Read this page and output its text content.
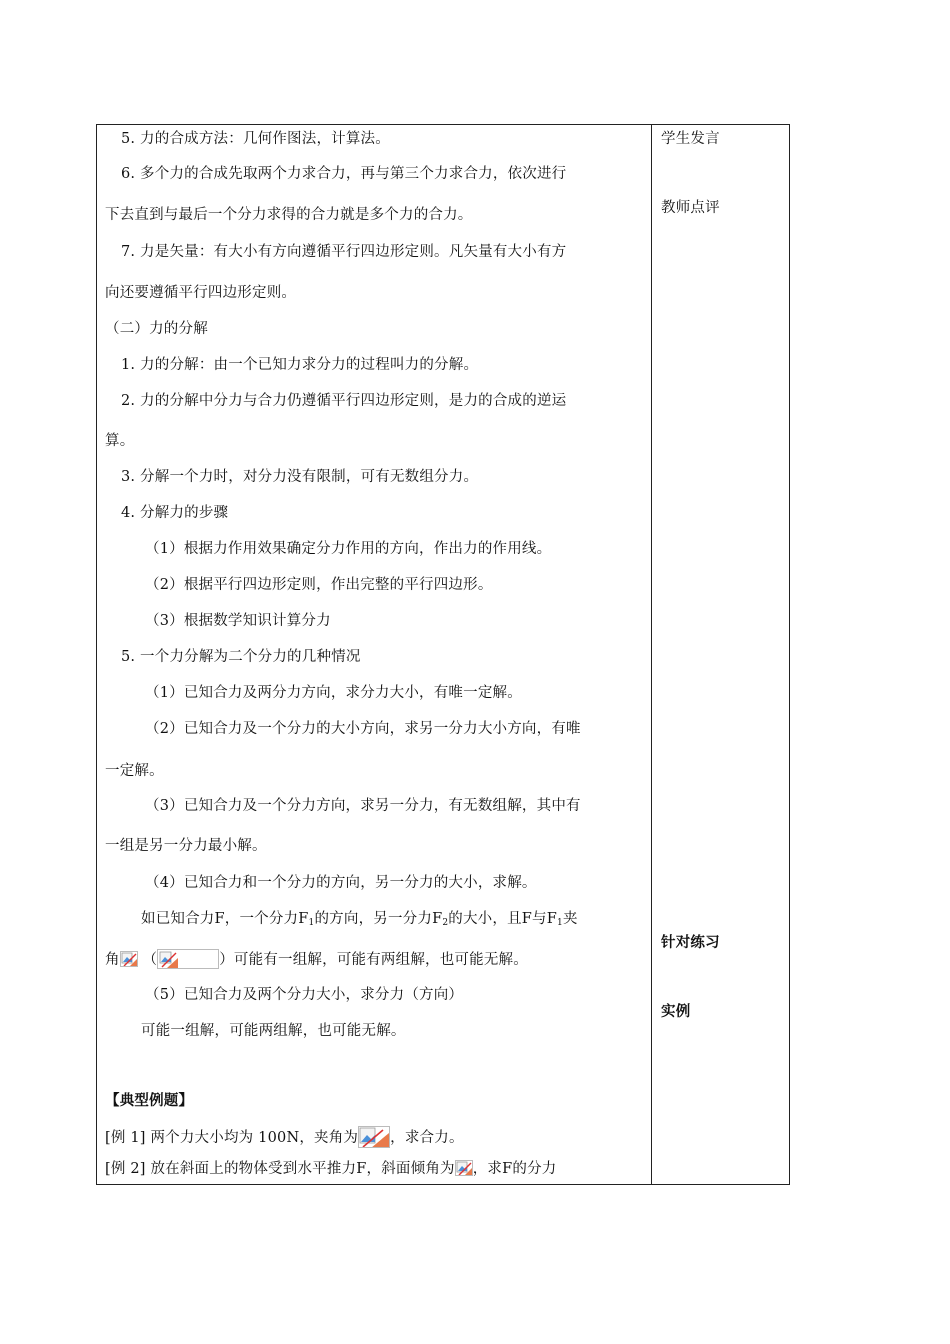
5. 力的合成方法：几何作图法，计算法。
6. 多个力的合成先取两个力求合力，再与第三个力求合力，依次进行
下去直到与最后一个分力求得的合力就是多个力的合力。
7. 力是矢量：有大小有方向遵循平行四边形定则。凡矢量有大小有方
向还要遵循平行四边形定则。
（二）力的分解
1. 力的分解：由一个已知力求分力的过程叫力的分解。
2. 力的分解中分力与合力仍遵循平行四边形定则，是力的合成的逆运
算。
3. 分解一个力时，对分力没有限制，可有无数组分力。
4. 分解力的步骤
（1）根据力作用效果确定分力作用的方向，作出力的作用线。
（2）根据平行四边形定则，作出完整的平行四边形。
（3）根据数学知识计算分力
5. 一个力分解为二个分力的几种情况
（1）已知合力及两分力方向，求分力大小，有唯一定解。
（2）已知合力及一个分力的大小方向，求另一分力大小方向，有唯
一定解。
（3）已知合力及一个分力方向，求另一分力，有无数组解，其中有
一组是另一分力最小解。
（4）已知合力和一个分力的方向，另一分力的大小，求解。
如已知合力F，一个分力$F_1$的方向，另一分力$F_2$的大小，且F与$F_1$夹
角 （	）可能有一组解，可能有两组解，也可能无解。
（5）已知合力及两个分力大小，求分力（方向）
可能一组解，可能两组解，也可能无解。
【典型例题】
[例 1] 两个力大小均为 100N，夹角为 ，求合力。
[例 2] 放在斜面上的物体受到水平推力F，斜面倾角为 ，求F的分力
学生发言
教师点评
针对练习
实例
